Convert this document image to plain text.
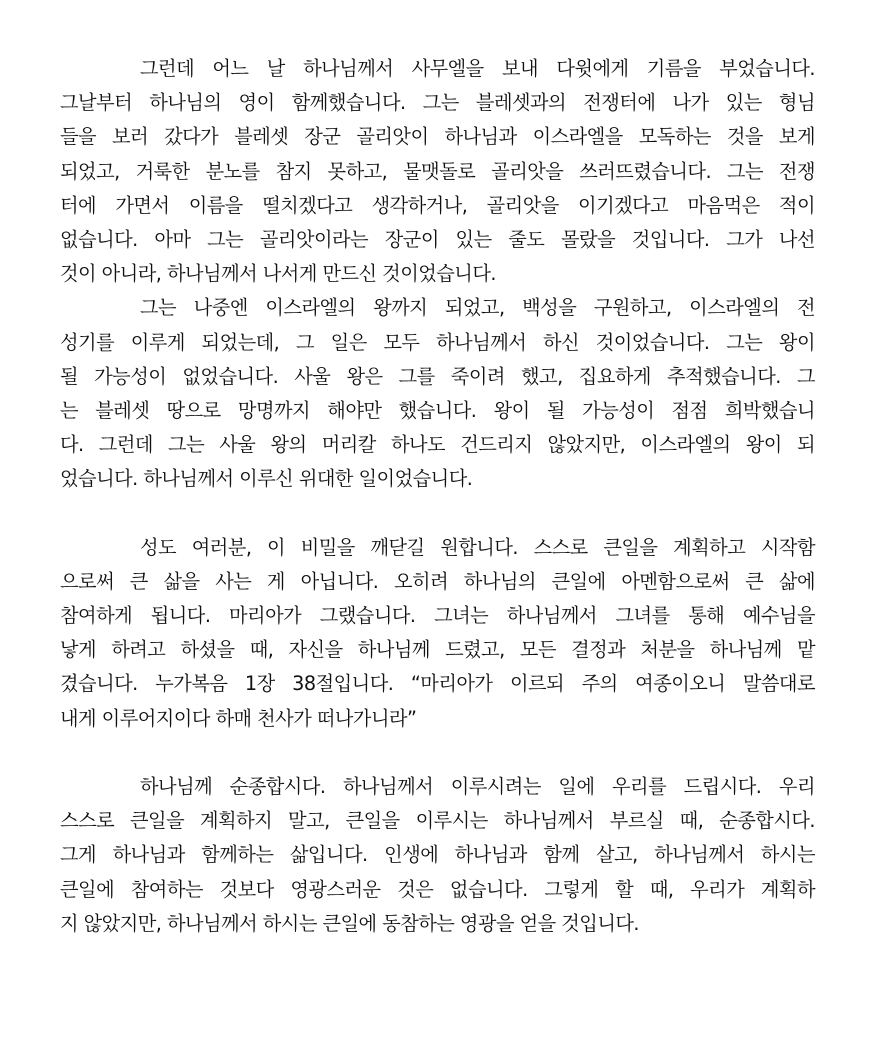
그런데 어느 날 하나님께서 사무엘을 보내 다윗에게 기름을 부었습니다.
그날부터 하나님의 영이 함께했습니다. 그는 블레셋과의 전쟁터에 나가 있는 형님
들을 보러 갔다가 블레셋 장군 골리앗이 하나님과 이스라엘을 모독하는 것을 보게
되었고, 거룩한 분노를 참지 못하고, 물맷돌로 골리앗을 쓰러뜨렸습니다. 그는 전쟁
터에 가면서 이름을 떨치겠다고 생각하거나, 골리앗을 이기겠다고 마음먹은 적이
없습니다. 아마 그는 골리앗이라는 장군이 있는 줄도 몰랐을 것입니다. 그가 나선
것이 아니라, 하나님께서 나서게 만드신 것이었습니다.
그는 나중엔 이스라엘의 왕까지 되었고, 백성을 구원하고, 이스라엘의 전
성기를 이루게 되었는데, 그 일은 모두 하나님께서 하신 것이었습니다. 그는 왕이
될 가능성이 없었습니다. 사울 왕은 그를 죽이려 했고, 집요하게 추적했습니다. 그
는 블레셋 땅으로 망명까지 해야만 했습니다. 왕이 될 가능성이 점점 희박했습니
다. 그런데 그는 사울 왕의 머리칼 하나도 건드리지 않았지만, 이스라엘의 왕이 되
었습니다. 하나님께서 이루신 위대한 일이었습니다.
성도 여러분, 이 비밀을 깨닫길 원합니다. 스스로 큰일을 계획하고 시작함
으로써 큰 삶을 사는 게 아닙니다. 오히려 하나님의 큰일에 아멘함으로써 큰 삶에
참여하게 됩니다. 마리아가 그랬습니다. 그녀는 하나님께서 그녀를 통해 예수님을
낳게 하려고 하셨을 때, 자신을 하나님께 드렸고, 모든 결정과 처분을 하나님께 맡
겼습니다. 누가복음 1장 38절입니다. “마리아가 이르되 주의 여종이오니 말씀대로
내게 이루어지이다 하매 천사가 떠나가니라”
하나님께 순종합시다. 하나님께서 이루시려는 일에 우리를 드립시다. 우리
스스로 큰일을 계획하지 말고, 큰일을 이루시는 하나님께서 부르실 때, 순종합시다.
그게 하나님과 함께하는 삶입니다. 인생에 하나님과 함께 살고, 하나님께서 하시는
큰일에 참여하는 것보다 영광스러운 것은 없습니다. 그렇게 할 때, 우리가 계획하
지 않았지만, 하나님께서 하시는 큰일에 동참하는 영광을 얻을 것입니다.
